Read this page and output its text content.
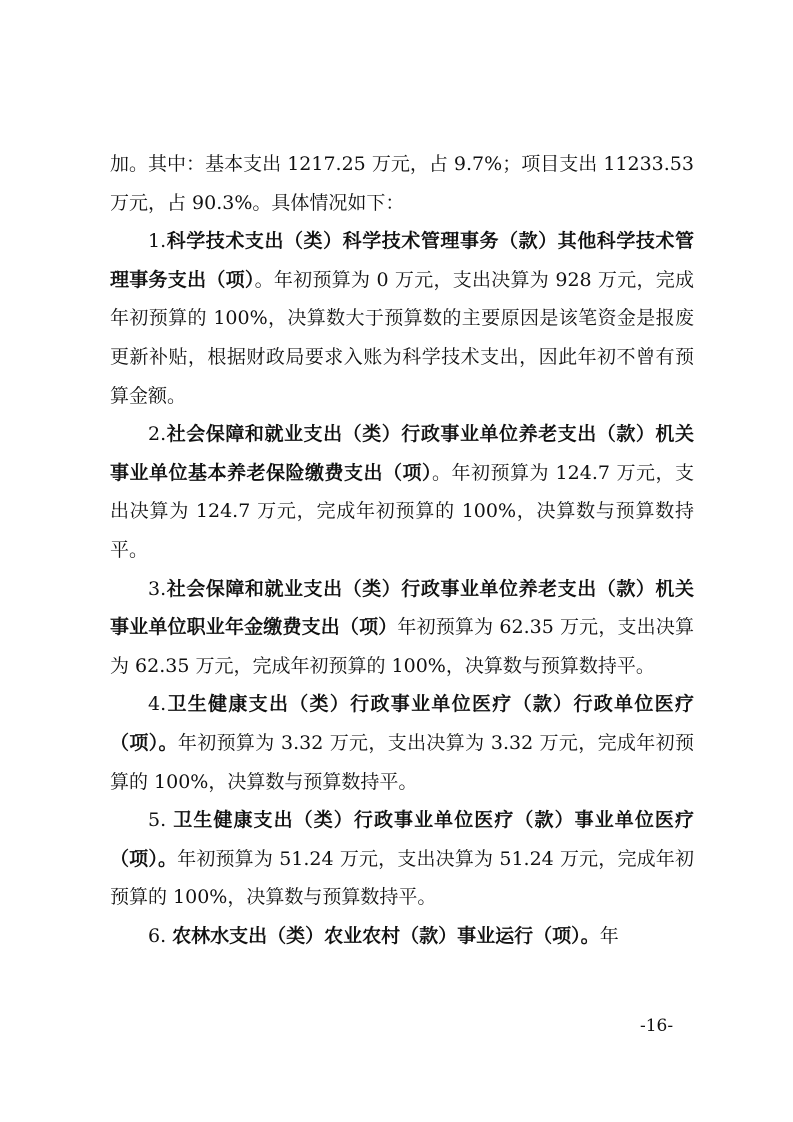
加。其中：基本支出 1217.25 万元，占 9.7%；项目支出 11233.53 万元，占 90.3%。具体情况如下：

1.科学技术支出（类）科学技术管理事务（款）其他科学技术管理事务支出（项）。年初预算为 0 万元，支出决算为 928 万元，完成年初预算的 100%，决算数大于预算数的主要原因是该笔资金是报废更新补贴，根据财政局要求入账为科学技术支出，因此年初不曾有预算金额。

2.社会保障和就业支出（类）行政事业单位养老支出（款）机关事业单位基本养老保险缴费支出（项）。年初预算为 124.7 万元，支出决算为 124.7 万元，完成年初预算的 100%，决算数与预算数持平。

3.社会保障和就业支出（类）行政事业单位养老支出（款）机关事业单位职业年金缴费支出（项）年初预算为 62.35 万元，支出决算为 62.35 万元，完成年初预算的 100%，决算数与预算数持平。

4.卫生健康支出（类）行政事业单位医疗（款）行政单位医疗（项）。年初预算为 3.32 万元，支出决算为 3.32 万元，完成年初预算的 100%，决算数与预算数持平。

5. 卫生健康支出（类）行政事业单位医疗（款）事业单位医疗（项）。年初预算为 51.24 万元，支出决算为 51.24 万元，完成年初预算的 100%，决算数与预算数持平。

6. 农林水支出（类）农业农村（款）事业运行（项）。年

-16-
